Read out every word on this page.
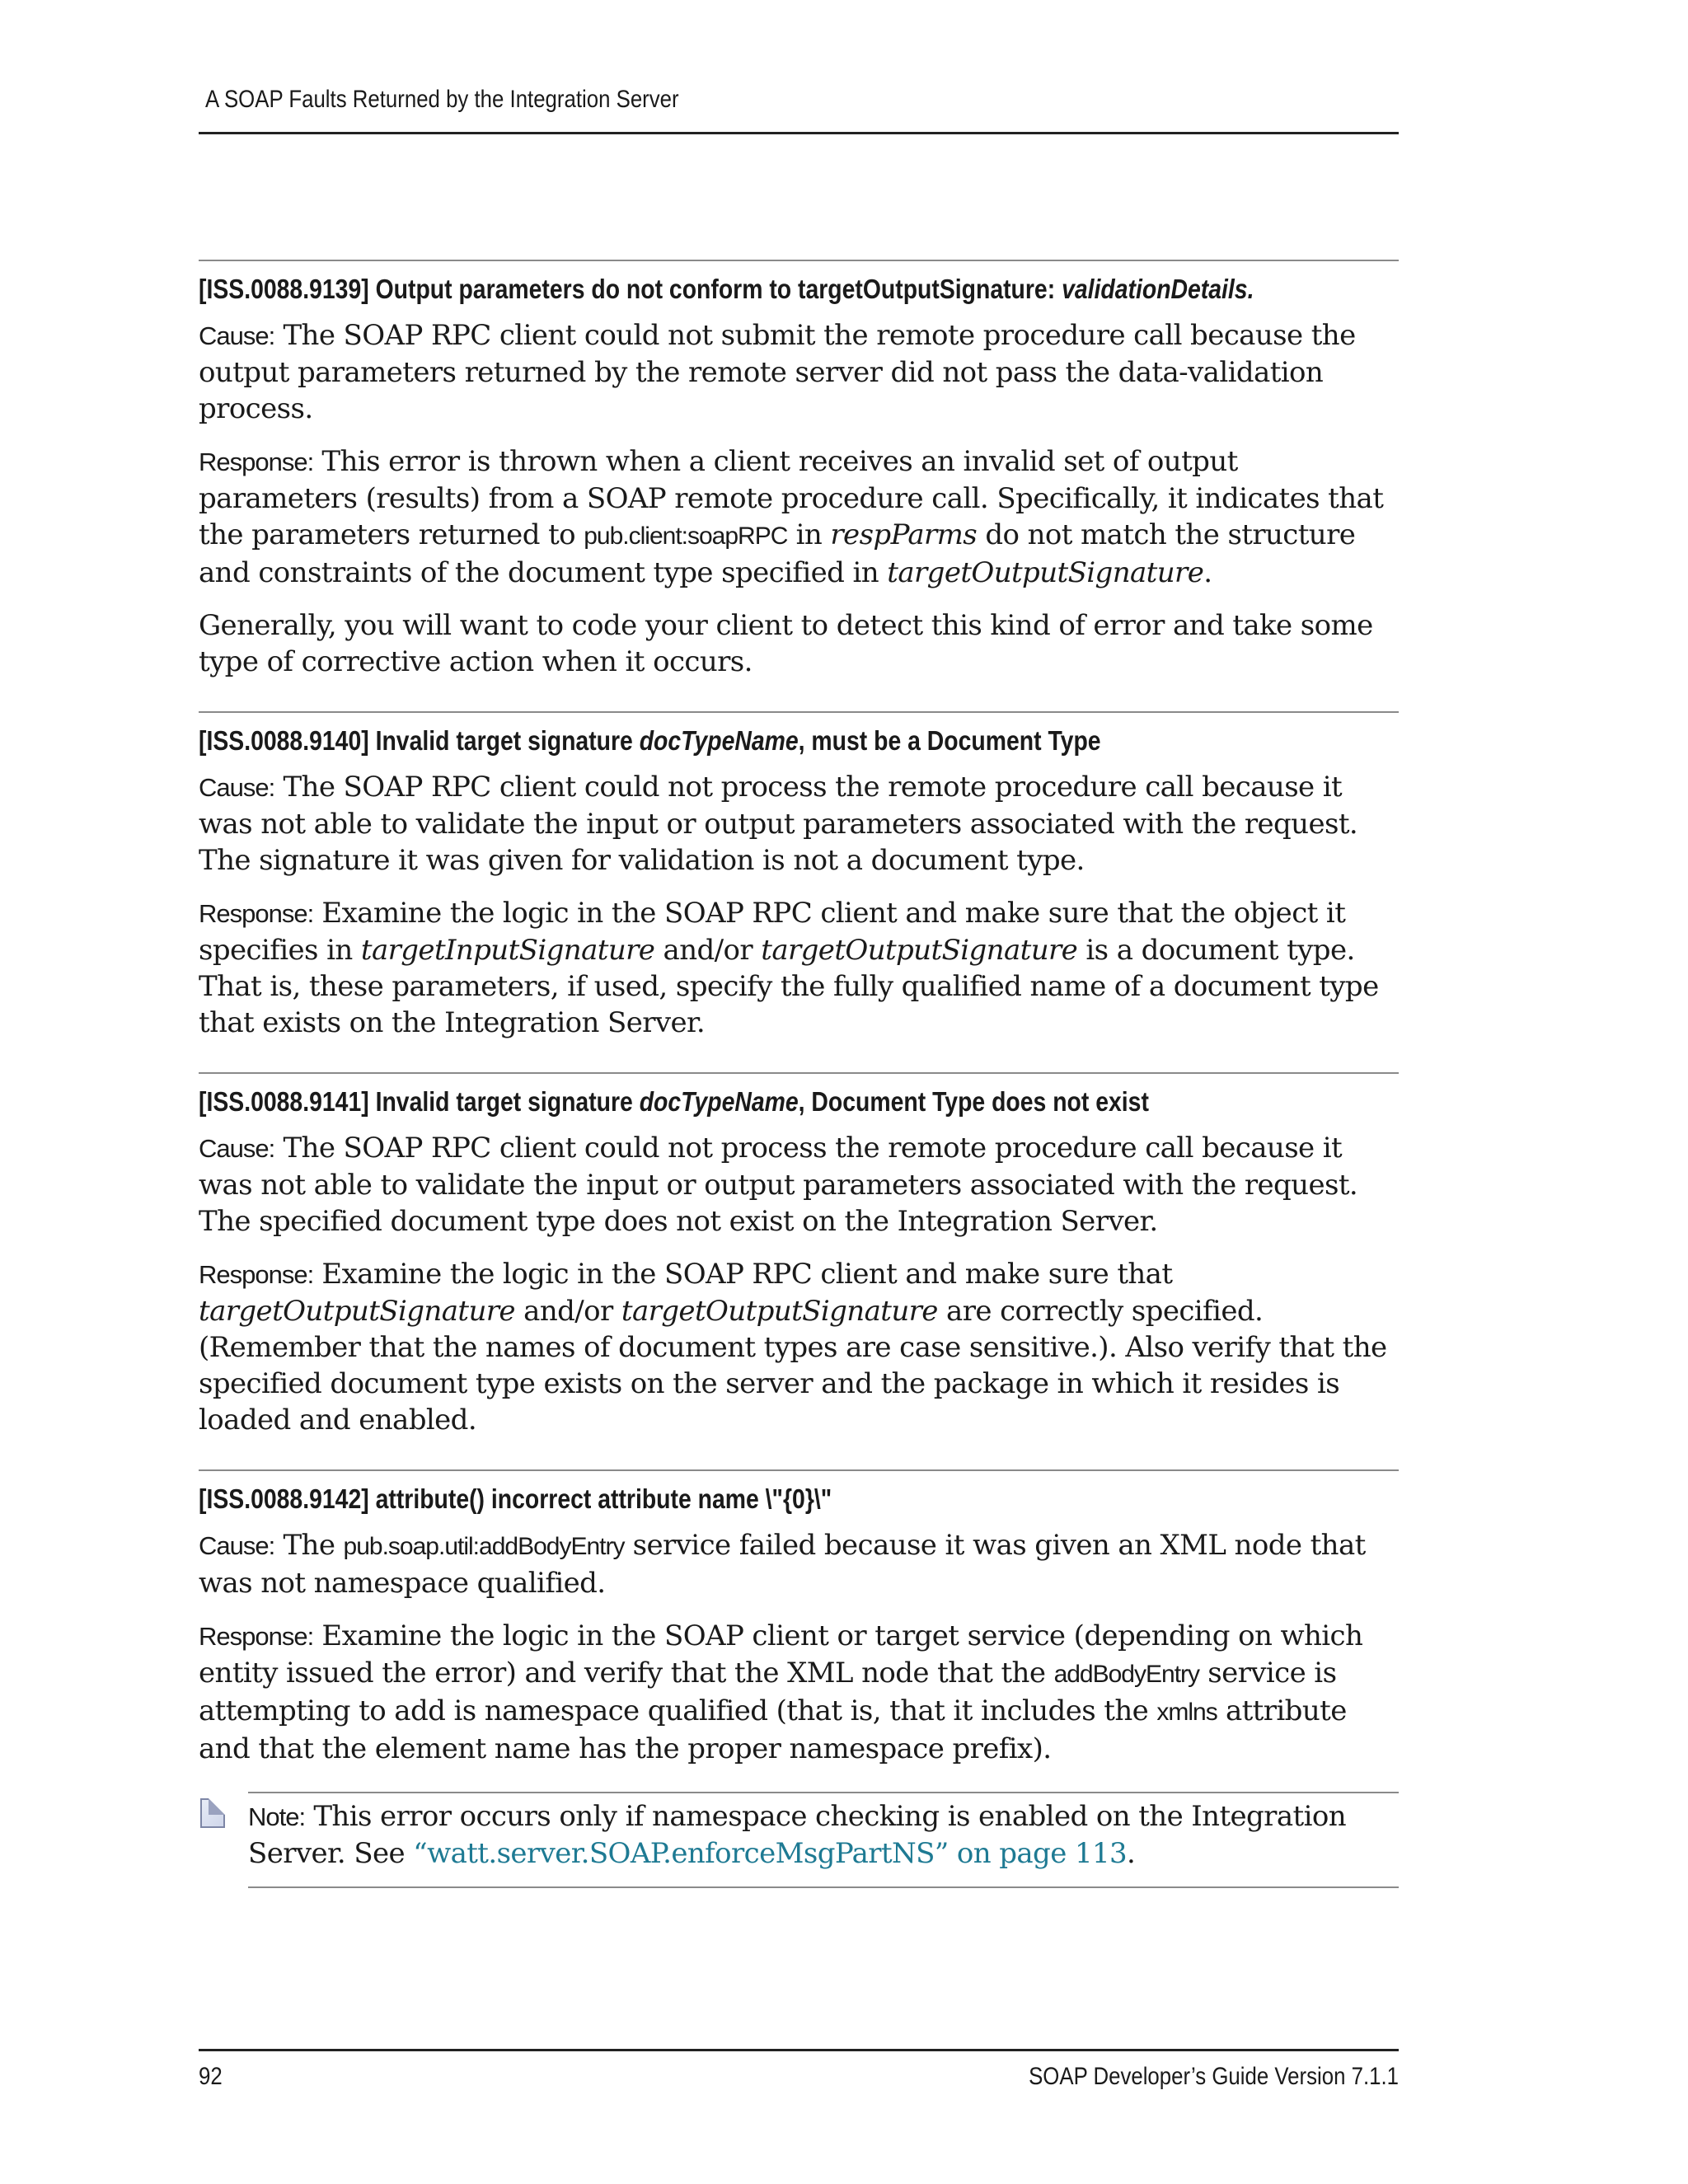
A SOAP Faults Returned by the Integration Server
[ISS.0088.9139] Output parameters do not conform to targetOutputSignature: validationDetails.

Cause: The SOAP RPC client could not submit the remote procedure call because the output parameters returned by the remote server did not pass the data-validation process.

Response: This error is thrown when a client receives an invalid set of output parameters (results) from a SOAP remote procedure call. Specifically, it indicates that the parameters returned to pub.client:soapRPC in respParms do not match the structure and constraints of the document type specified in targetOutputSignature.

Generally, you will want to code your client to detect this kind of error and take some type of corrective action when it occurs.

[ISS.0088.9140] Invalid target signature docTypeName, must be a Document Type

Cause: The SOAP RPC client could not process the remote procedure call because it was not able to validate the input or output parameters associated with the request. The signature it was given for validation is not a document type.

Response: Examine the logic in the SOAP RPC client and make sure that the object it specifies in targetInputSignature and/or targetOutputSignature is a document type. That is, these parameters, if used, specify the fully qualified name of a document type that exists on the Integration Server.

[ISS.0088.9141] Invalid target signature docTypeName, Document Type does not exist

Cause: The SOAP RPC client could not process the remote procedure call because it was not able to validate the input or output parameters associated with the request. The specified document type does not exist on the Integration Server.

Response: Examine the logic in the SOAP RPC client and make sure that targetOutputSignature and/or targetOutputSignature are correctly specified. (Remember that the names of document types are case sensitive.). Also verify that the specified document type exists on the server and the package in which it resides is loaded and enabled.

[ISS.0088.9142] attribute() incorrect attribute name \"{0}\"

Cause: The pub.soap.util:addBodyEntry service failed because it was given an XML node that was not namespace qualified.

Response: Examine the logic in the SOAP client or target service (depending on which entity issued the error) and verify that the XML node that the addBodyEntry service is attempting to add is namespace qualified (that is, that it includes the xmlns attribute and that the element name has the proper namespace prefix).

Note: This error occurs only if namespace checking is enabled on the Integration Server. See “watt.server.SOAP.enforceMsgPartNS” on page 113.

92	SOAP Developer’s Guide Version 7.1.1
